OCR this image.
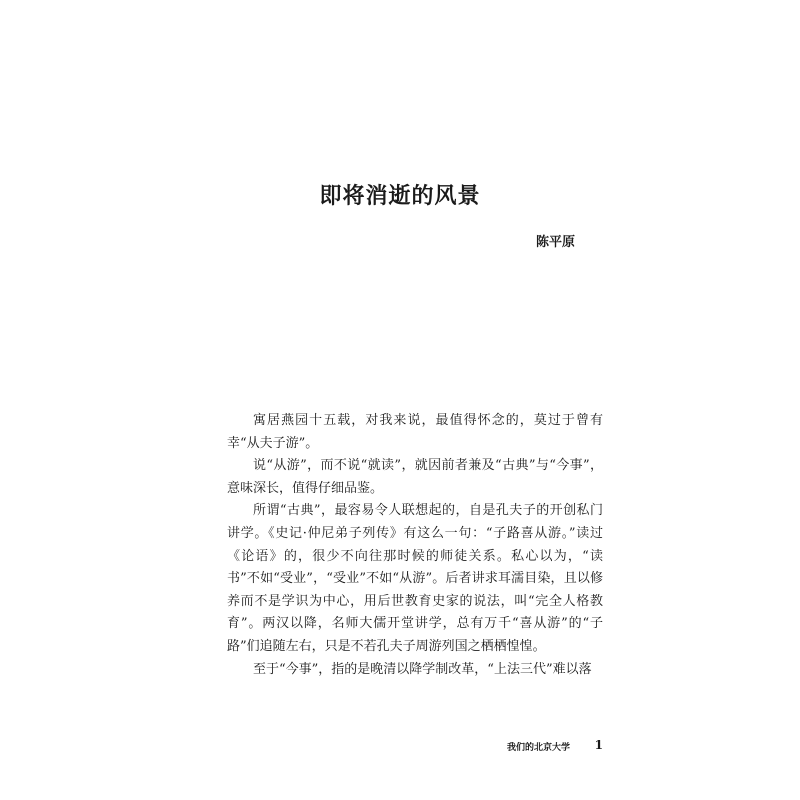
即将消逝的风景
陈平原

寓居燕园十五载，对我来说，最值得怀念的，莫过于曾有幸“从夫子游”。

说“从游”，而不说“就读”，就因前者兼及“古典”与“今事”，意味深长，值得仔细品鉴。

所谓“古典”，最容易令人联想起的，自是孔夫子的开创私门讲学。《史记·仲尼弟子列传》有这么一句：“子路喜从游。”读过《论语》的，很少不向往那时候的师徒关系。私心以为，“读书”不如“受业”，“受业”不如“从游”。后者讲求耳濡目染，且以修养而不是学识为中心，用后世教育史家的说法，叫“完全人格教育”。两汉以降，名师大儒开堂讲学，总有万千“喜从游”的“子路”们追随左右，只是不若孔夫子周游列国之栖栖惶惶。

至于“今事”，指的是晚清以降学制改革，“上法三代”难以落

我们的北京大学 1
